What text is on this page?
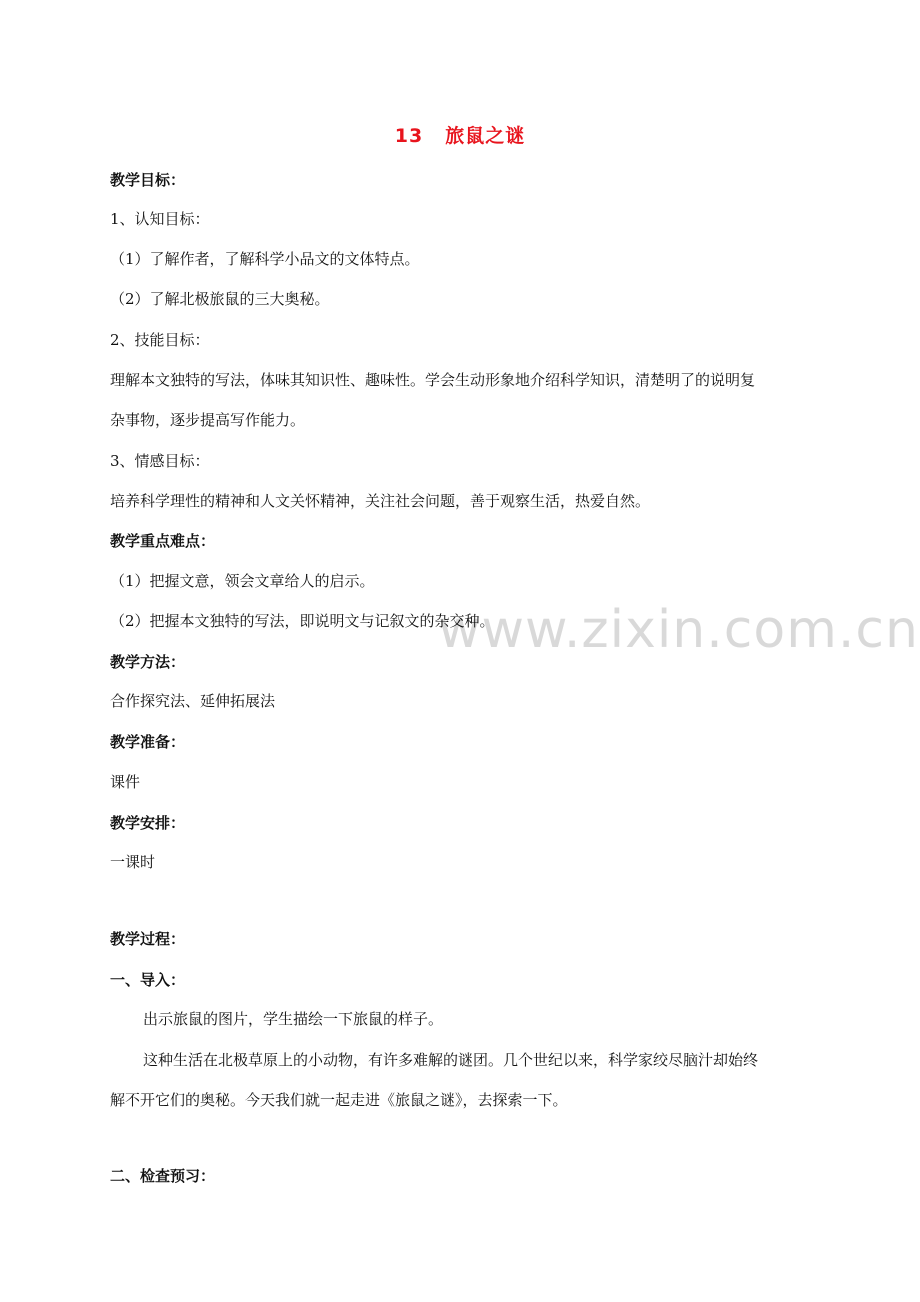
13 旅鼠之谜
www.zixin.com.cn
教学目标：
1、认知目标：
（1）了解作者，了解科学小品文的文体特点。
（2）了解北极旅鼠的三大奥秘。
2、技能目标：
理解本文独特的写法，体味其知识性、趣味性。学会生动形象地介绍科学知识，清楚明了的说明复
杂事物，逐步提高写作能力。
3、情感目标：
培养科学理性的精神和人文关怀精神，关注社会问题，善于观察生活，热爱自然。
教学重点难点：
（1）把握文意，领会文章给人的启示。
（2）把握本文独特的写法，即说明文与记叙文的杂交种。
教学方法：
合作探究法、延伸拓展法
教学准备：
课件
教学安排：
一课时
教学过程：
一、导入：
出示旅鼠的图片，学生描绘一下旅鼠的样子。
这种生活在北极草原上的小动物，有许多难解的谜团。几个世纪以来，科学家绞尽脑汁却始终
解不开它们的奥秘。今天我们就一起走进《旅鼠之谜》，去探索一下。
二、检查预习：
